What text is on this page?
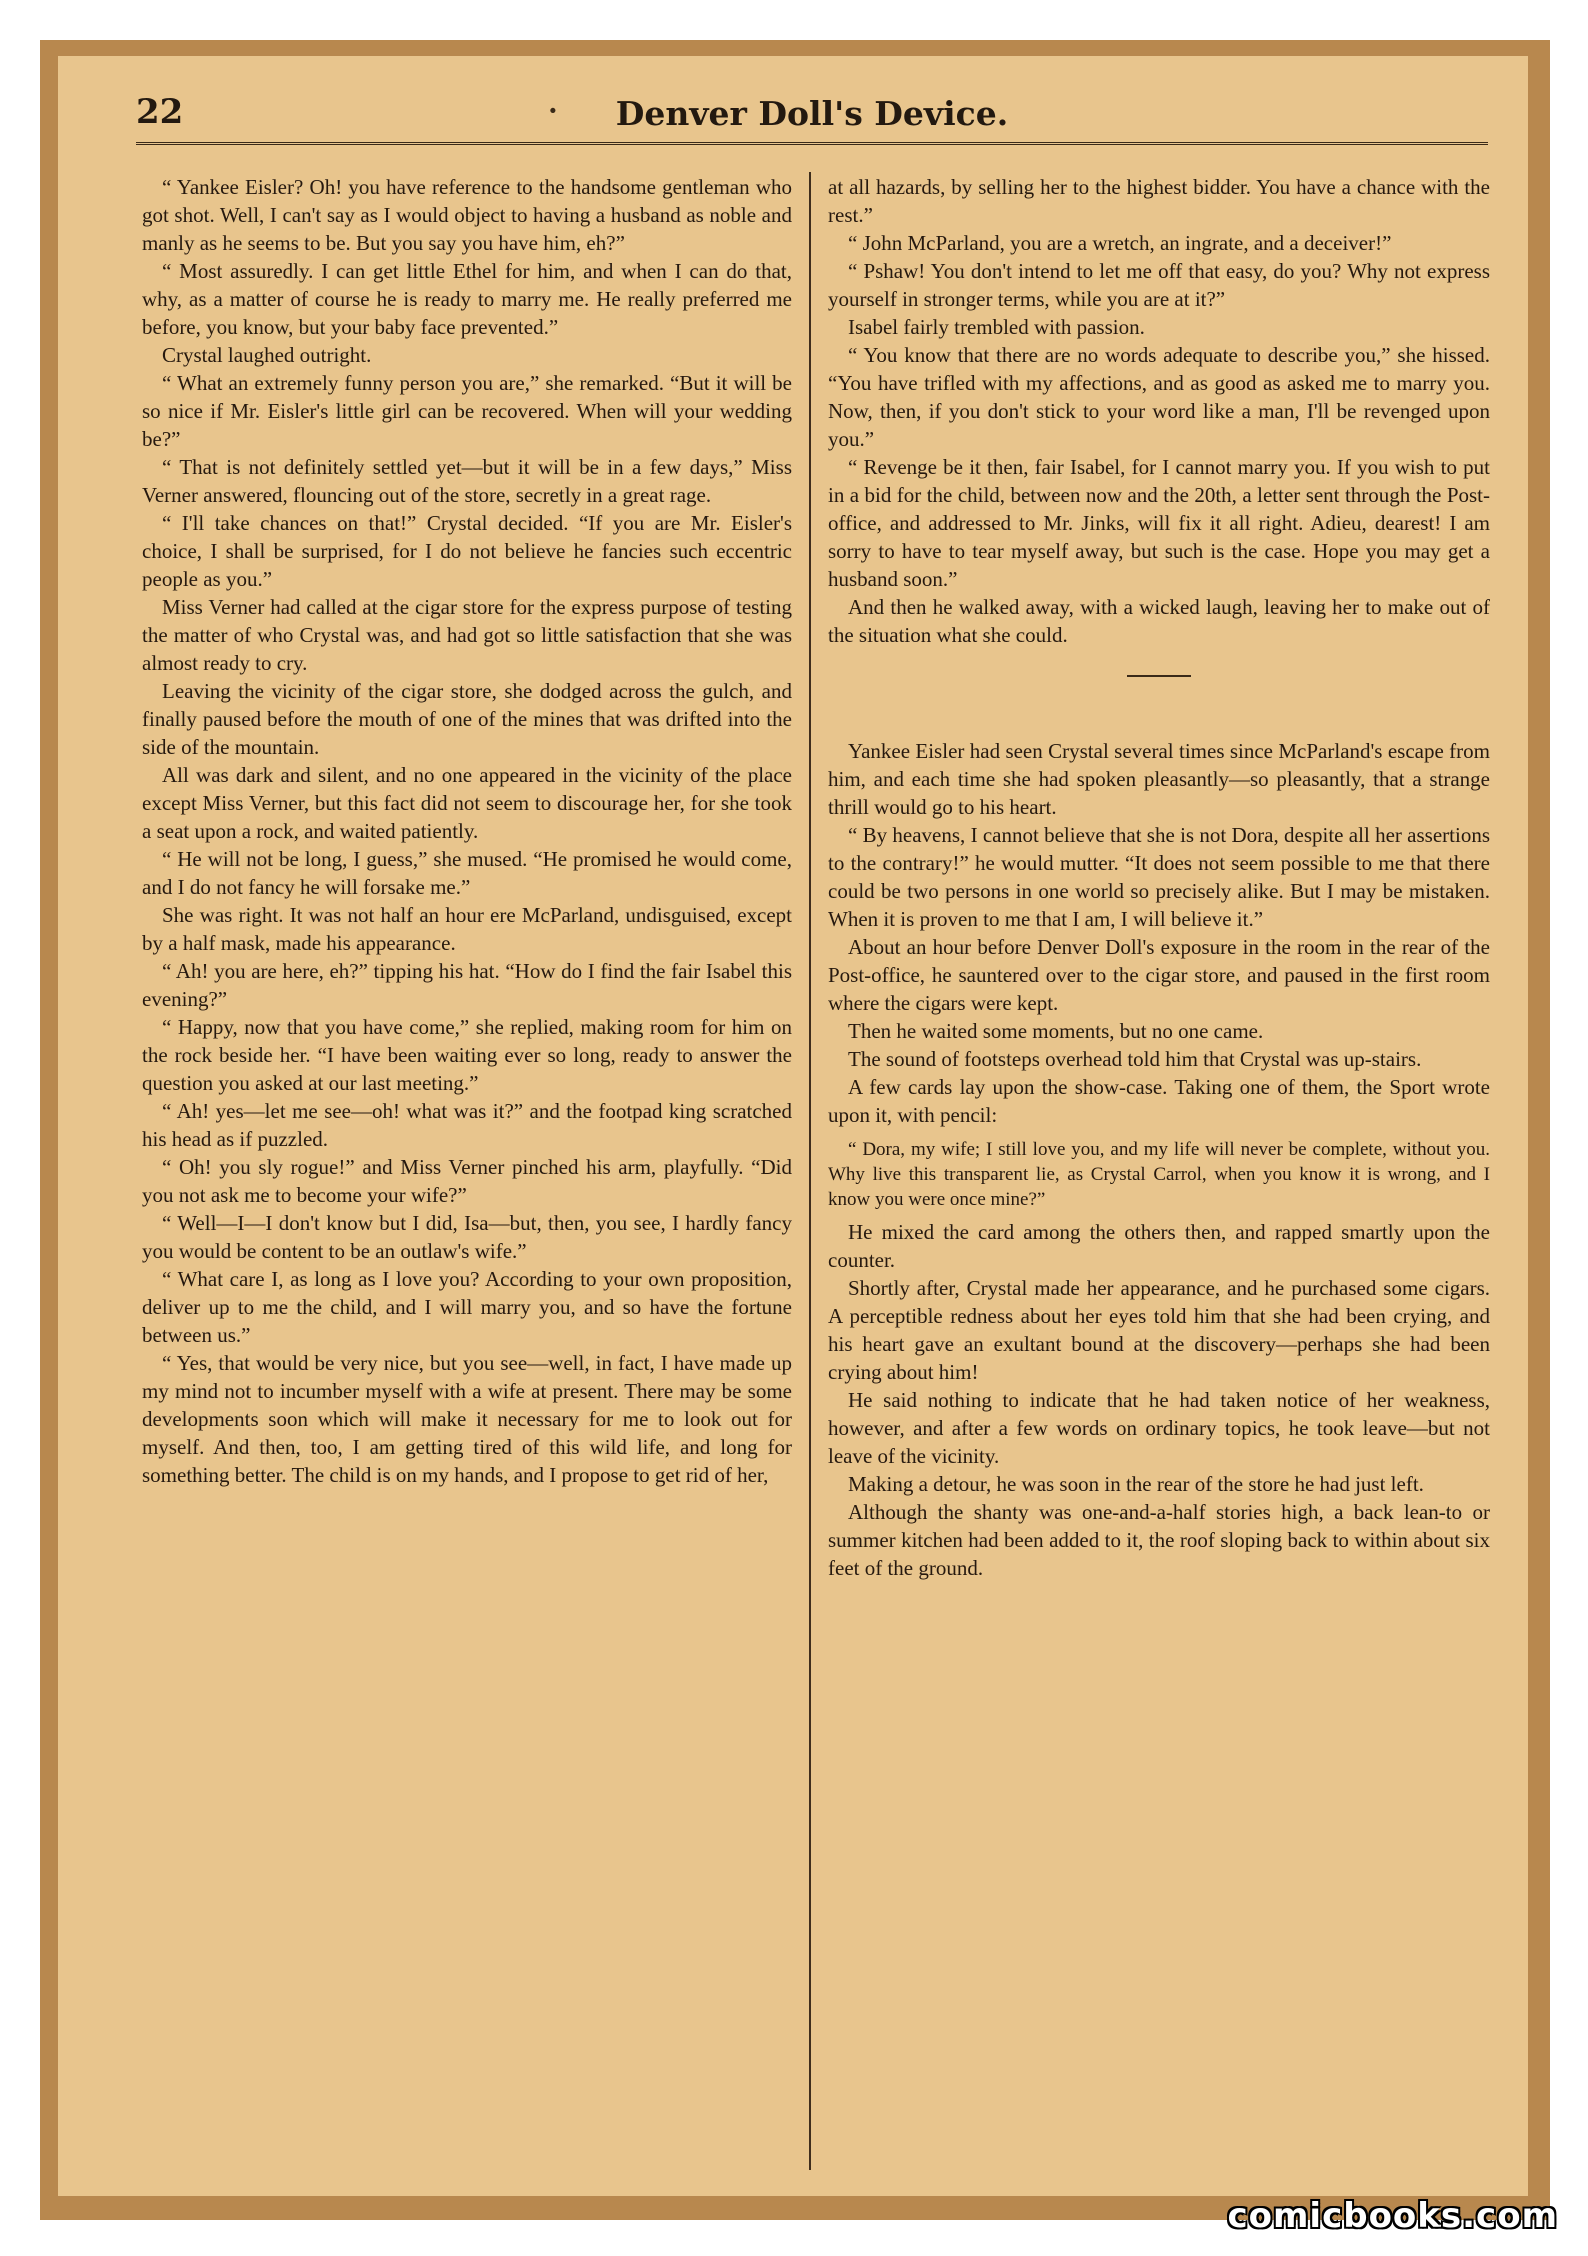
22	·	Denver Doll's Device.

“ Yankee Eisler? Oh! you have reference to the handsome gentleman who got shot. Well, I can't say as I would object to having a husband as noble and manly as he seems to be. But you say you have him, eh?”

“ Most assuredly. I can get little Ethel for him, and when I can do that, why, as a matter of course he is ready to marry me. He really preferred me before, you know, but your baby face prevented.”

Crystal laughed outright.

“ What an extremely funny person you are,” she remarked. “But it will be so nice if Mr. Eisler's little girl can be recovered. When will your wedding be?”

“ That is not definitely settled yet—but it will be in a few days,” Miss Verner answered, flouncing out of the store, secretly in a great rage.

“ I'll take chances on that!” Crystal decided. “If you are Mr. Eisler's choice, I shall be surprised, for I do not believe he fancies such eccentric people as you.”

Miss Verner had called at the cigar store for the express purpose of testing the matter of who Crystal was, and had got so little satisfaction that she was almost ready to cry.

Leaving the vicinity of the cigar store, she dodged across the gulch, and finally paused before the mouth of one of the mines that was drifted into the side of the mountain.

All was dark and silent, and no one appeared in the vicinity of the place except Miss Verner, but this fact did not seem to discourage her, for she took a seat upon a rock, and waited patiently.

“ He will not be long, I guess,” she mused. “He promised he would come, and I do not fancy he will forsake me.”

She was right. It was not half an hour ere McParland, undisguised, except by a half mask, made his appearance.

“ Ah! you are here, eh?” tipping his hat. “How do I find the fair Isabel this evening?”

“ Happy, now that you have come,” she replied, making room for him on the rock beside her. “I have been waiting ever so long, ready to answer the question you asked at our last meeting.”

“ Ah! yes—let me see—oh! what was it?” and the footpad king scratched his head as if puzzled.

“ Oh! you sly rogue!” and Miss Verner pinched his arm, playfully. “Did you not ask me to become your wife?”

“ Well—I—I don't know but I did, Isa—but, then, you see, I hardly fancy you would be content to be an outlaw's wife.”

“ What care I, as long as I love you? According to your own proposition, deliver up to me the child, and I will marry you, and so have the fortune between us.”

“ Yes, that would be very nice, but you see—well, in fact, I have made up my mind not to incumber myself with a wife at present. There may be some developments soon which will make it necessary for me to look out for myself. And then, too, I am getting tired of this wild life, and long for something better. The child is on my hands, and I propose to get rid of her,

at all hazards, by selling her to the highest bidder. You have a chance with the rest.”

“ John McParland, you are a wretch, an ingrate, and a deceiver!”

“ Pshaw! You don't intend to let me off that easy, do you? Why not express yourself in stronger terms, while you are at it?”

Isabel fairly trembled with passion.

“ You know that there are no words adequate to describe you,” she hissed. “You have trifled with my affections, and as good as asked me to marry you. Now, then, if you don't stick to your word like a man, I'll be revenged upon you.”

“ Revenge be it then, fair Isabel, for I cannot marry you. If you wish to put in a bid for the child, between now and the 20th, a letter sent through the Post-office, and addressed to Mr. Jinks, will fix it all right. Adieu, dearest! I am sorry to have to tear myself away, but such is the case. Hope you may get a husband soon.”

And then he walked away, with a wicked laugh, leaving her to make out of the situation what she could.

Yankee Eisler had seen Crystal several times since McParland's escape from him, and each time she had spoken pleasantly—so pleasantly, that a strange thrill would go to his heart.

“ By heavens, I cannot believe that she is not Dora, despite all her assertions to the contrary!” he would mutter. “It does not seem possible to me that there could be two persons in one world so precisely alike. But I may be mistaken. When it is proven to me that I am, I will believe it.”

About an hour before Denver Doll's exposure in the room in the rear of the Post-office, he sauntered over to the cigar store, and paused in the first room where the cigars were kept.

Then he waited some moments, but no one came.

The sound of footsteps overhead told him that Crystal was up-stairs.

A few cards lay upon the show-case. Taking one of them, the Sport wrote upon it, with pencil:

“ Dora, my wife; I still love you, and my life will never be complete, without you. Why live this transparent lie, as Crystal Carrol, when you know it is wrong, and I know you were once mine?”

He mixed the card among the others then, and rapped smartly upon the counter.

Shortly after, Crystal made her appearance, and he purchased some cigars. A perceptible redness about her eyes told him that she had been crying, and his heart gave an exultant bound at the discovery—perhaps she had been crying about him!

He said nothing to indicate that he had taken notice of her weakness, however, and after a few words on ordinary topics, he took leave—but not leave of the vicinity.

Making a detour, he was soon in the rear of the store he had just left.

Although the shanty was one-and-a-half stories high, a back lean-to or summer kitchen had been added to it, the roof sloping back to within about six feet of the ground.

comicbooks.com
